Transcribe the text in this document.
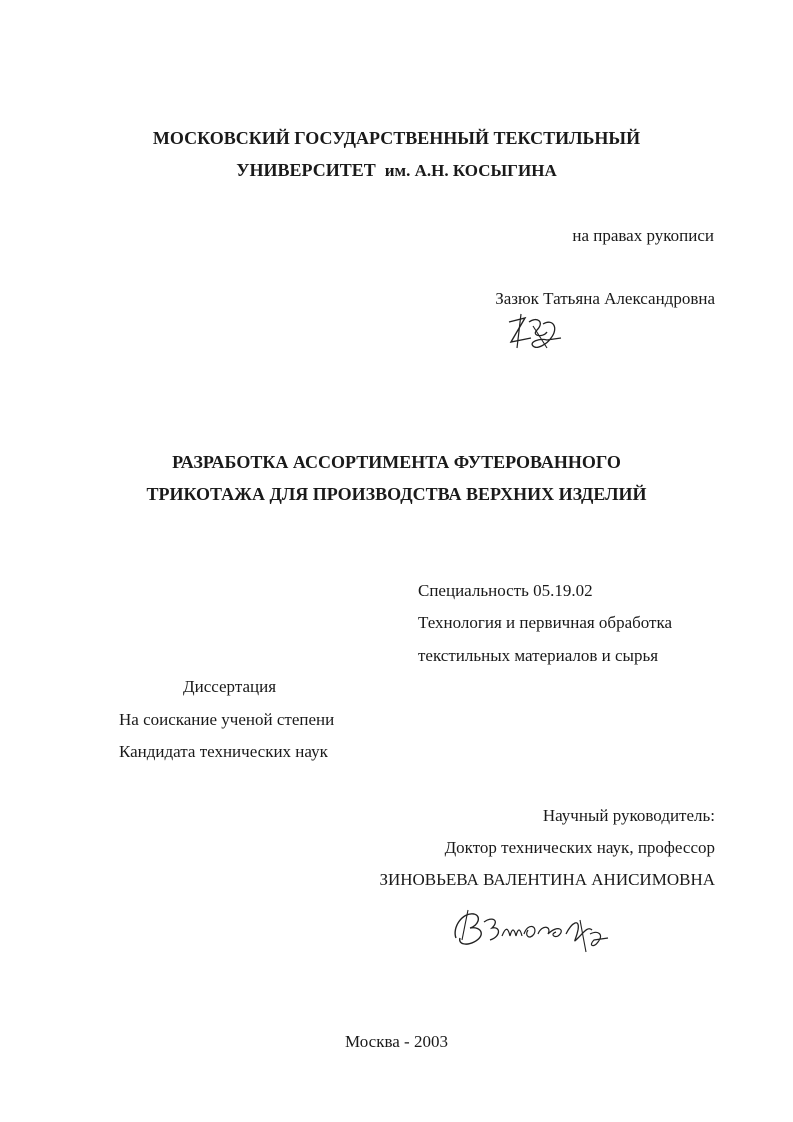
МОСКОВСКИЙ ГОСУДАРСТВЕННЫЙ ТЕКСТИЛЬНЫЙ
УНИВЕРСИТЕТ им. А.Н. КОСЫГИНА
на правах рукописи
Зазюк Татьяна Александровна
РАЗРАБОТКА АССОРТИМЕНТА ФУТЕРОВАННОГО
ТРИКОТАЖА ДЛЯ ПРОИЗВОДСТВА ВЕРХНИХ ИЗДЕЛИЙ
Специальность 05.19.02
Технология и первичная обработка
текстильных материалов и сырья
Диссертация
На соискание ученой степени
Кандидата технических наук
Научный руководитель:
Доктор технических наук, профессор
ЗИНОВЬЕВА ВАЛЕНТИНА АНИСИМОВНА
Москва - 2003
